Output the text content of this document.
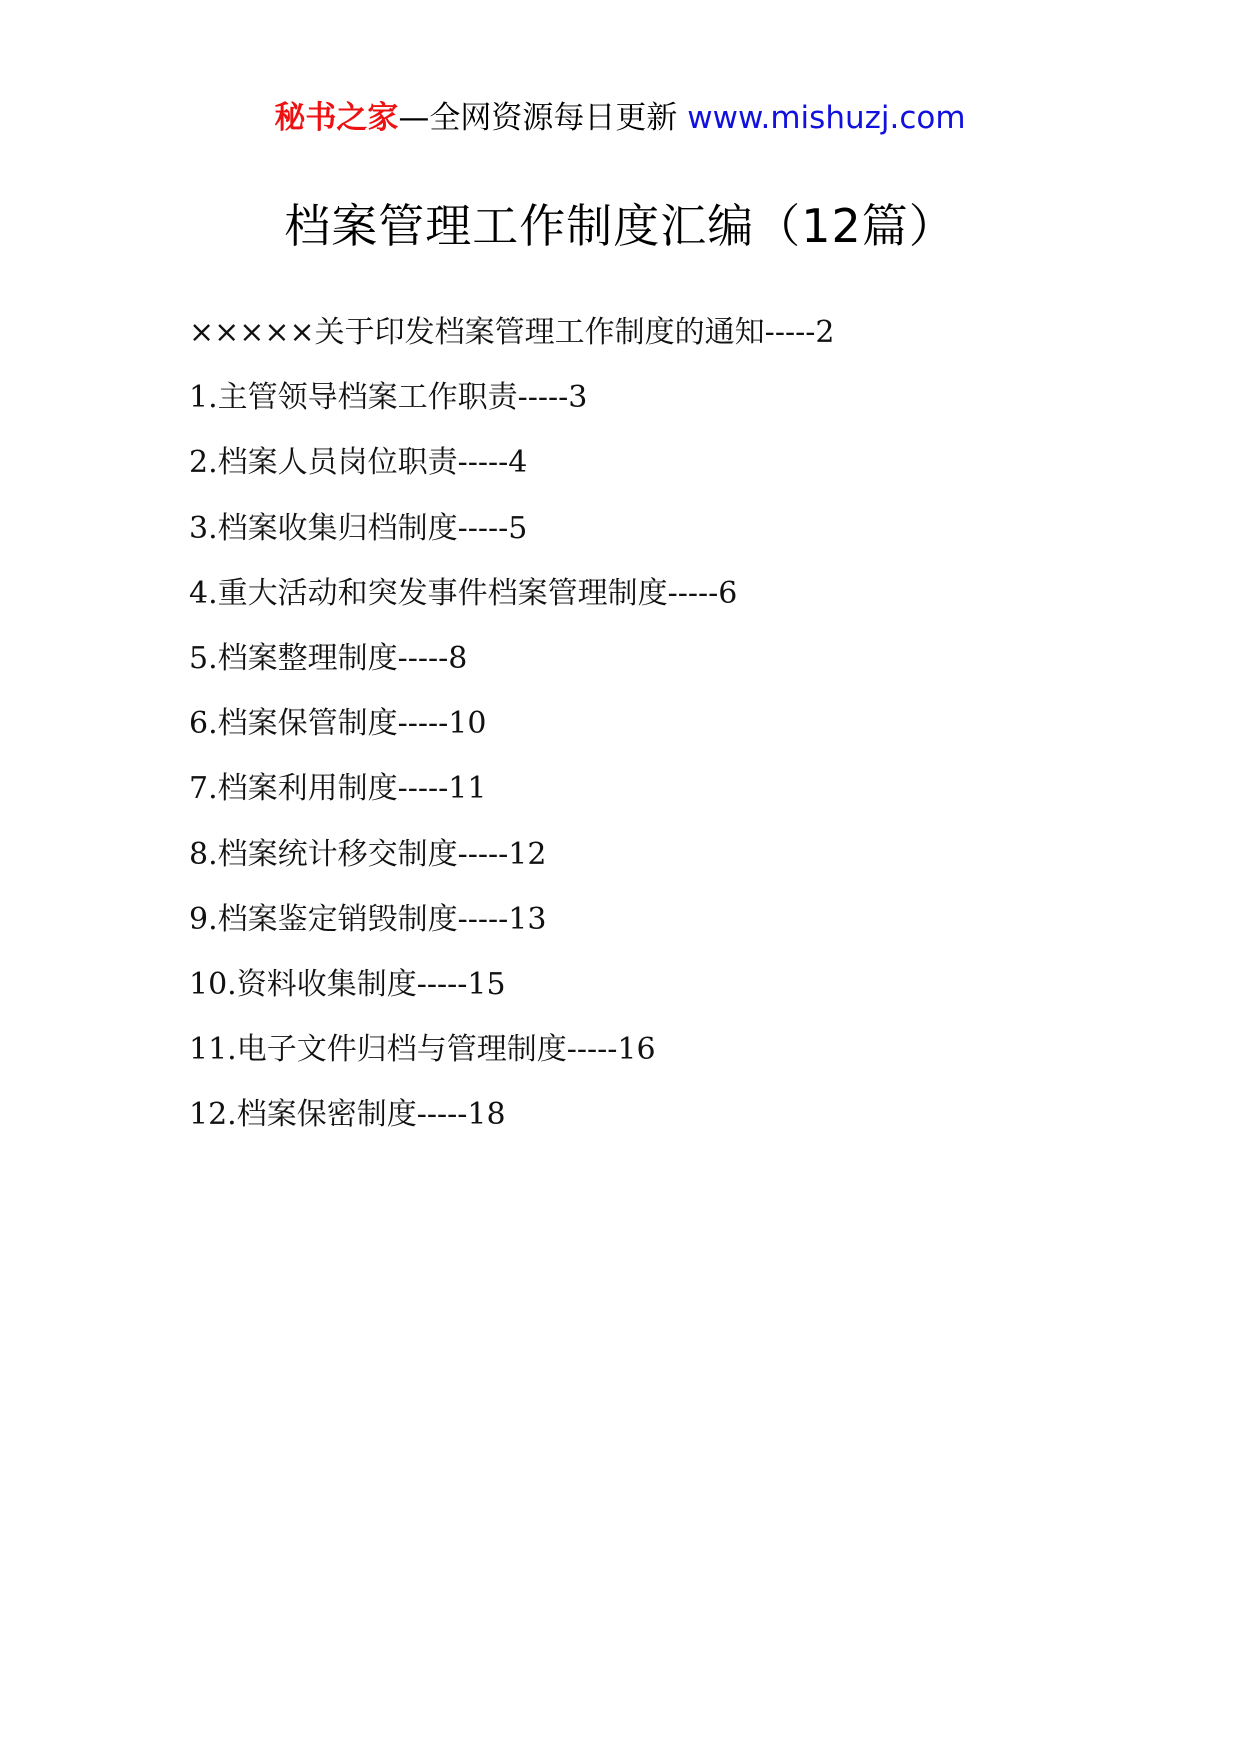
秘书之家—全网资源每日更新 www.mishuzj.com
档案管理工作制度汇编（12篇）
×××××关于印发档案管理工作制度的通知-----2
1.主管领导档案工作职责-----3
2.档案人员岗位职责-----4
3.档案收集归档制度-----5
4.重大活动和突发事件档案管理制度-----6
5.档案整理制度-----8
6.档案保管制度-----10
7.档案利用制度-----11
8.档案统计移交制度-----12
9.档案鉴定销毁制度-----13
10.资料收集制度-----15
11.电子文件归档与管理制度-----16
12.档案保密制度-----18
